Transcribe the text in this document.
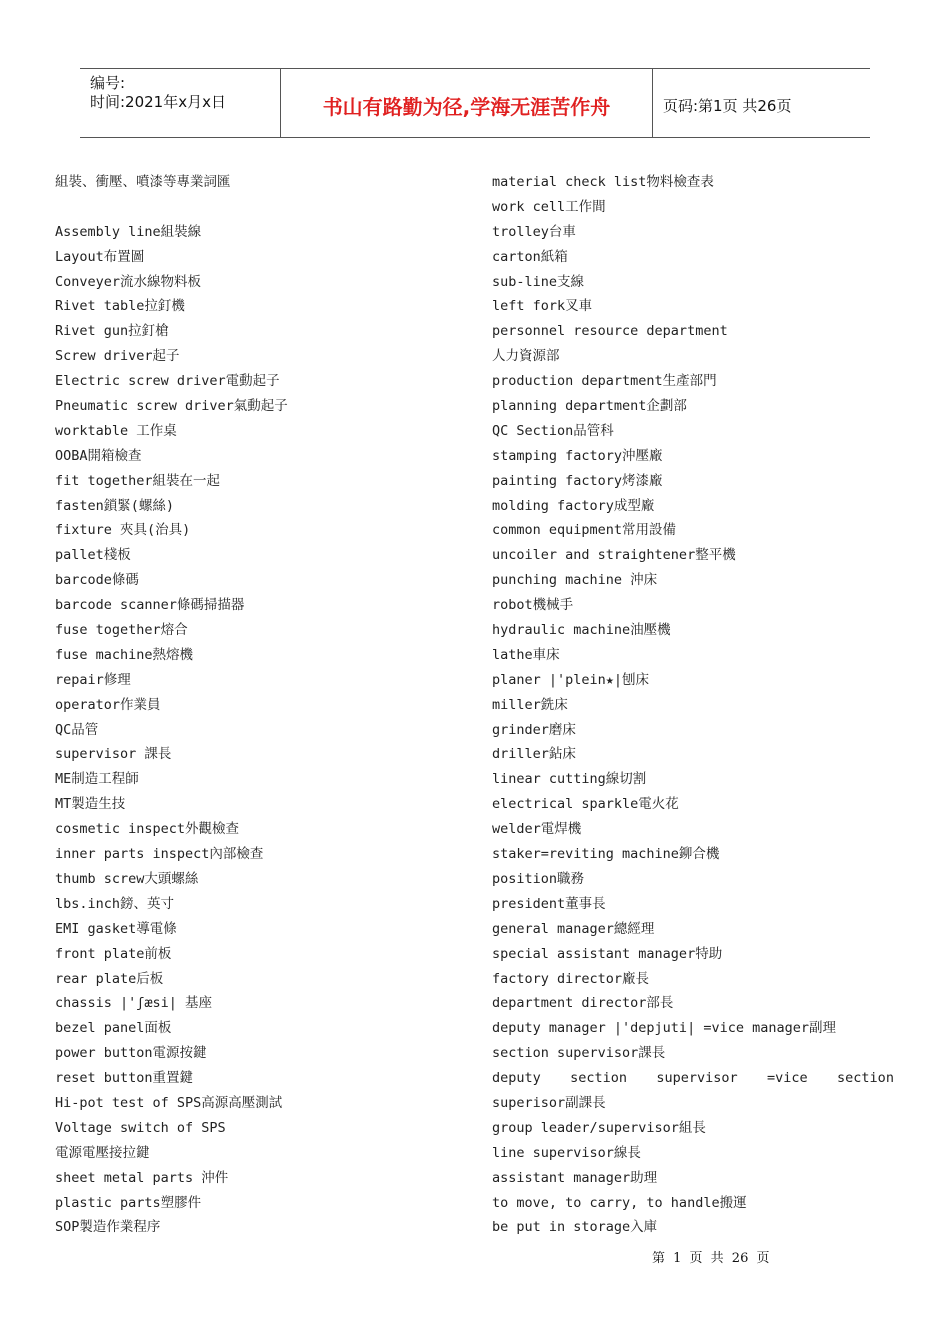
编号:
时间:2021年x月x日	书山有路勤为径,学海无涯苦作舟	页码:第1页 共26页
組裝、衝壓、噴漆等專業詞匯
Assembly line組裝線
Layout布置圖
Conveyer流水線物料板
Rivet table拉釘機
Rivet gun拉釘槍
Screw driver起子
Electric screw driver電動起子
Pneumatic screw driver氣動起子
worktable 工作桌
OOBA開箱檢查
fit together組裝在一起
fasten鎖緊(螺絲)
fixture 夾具(治具)
pallet棧板
barcode條碼
barcode scanner條碼掃描器
fuse together熔合
fuse machine熱熔機
repair修理
operator作業員
QC品管
supervisor 課長
ME制造工程師
MT製造生技
cosmetic inspect外觀檢查
inner parts inspect內部檢查
thumb screw大頭螺絲
lbs.inch鎊、英寸
EMI gasket導電條
front plate前板
rear plate后板
chassis |'ʃæsi| 基座
bezel panel面板
power button電源按鍵
reset button重置鍵
Hi-pot test of SPS高源高壓測試
Voltage switch of SPS
電源電壓接拉鍵
sheet metal parts 沖件
plastic parts塑膠件
SOP製造作業程序
material check list物料檢查表
work cell工作間
trolley台車
carton紙箱
sub-line支線
left fork叉車
personnel resource department
人力資源部
production department生產部門
planning department企劃部
QC Section品管科
stamping factory沖壓廠
painting factory烤漆廠
molding factory成型廠
common equipment常用設備
uncoiler and straightener整平機
punching machine 沖床
robot機械手
hydraulic machine油壓機
lathe車床
planer |'plein★|刨床
miller銑床
grinder磨床
driller鉆床
linear cutting線切割
electrical sparkle電火花
welder電焊機
staker=reviting machine鉚合機
position職務
president董事長
general manager總經理
special assistant manager特助
factory director廠長
department director部長
deputy manager |'depjuti| =vice manager副理
section supervisor課長
deputy section supervisor =vice section
superisor副課長
group leader/supervisor組長
line supervisor線長
assistant manager助理
to move, to carry, to handle搬運
be put in storage入庫
第 1 页 共 26 页
